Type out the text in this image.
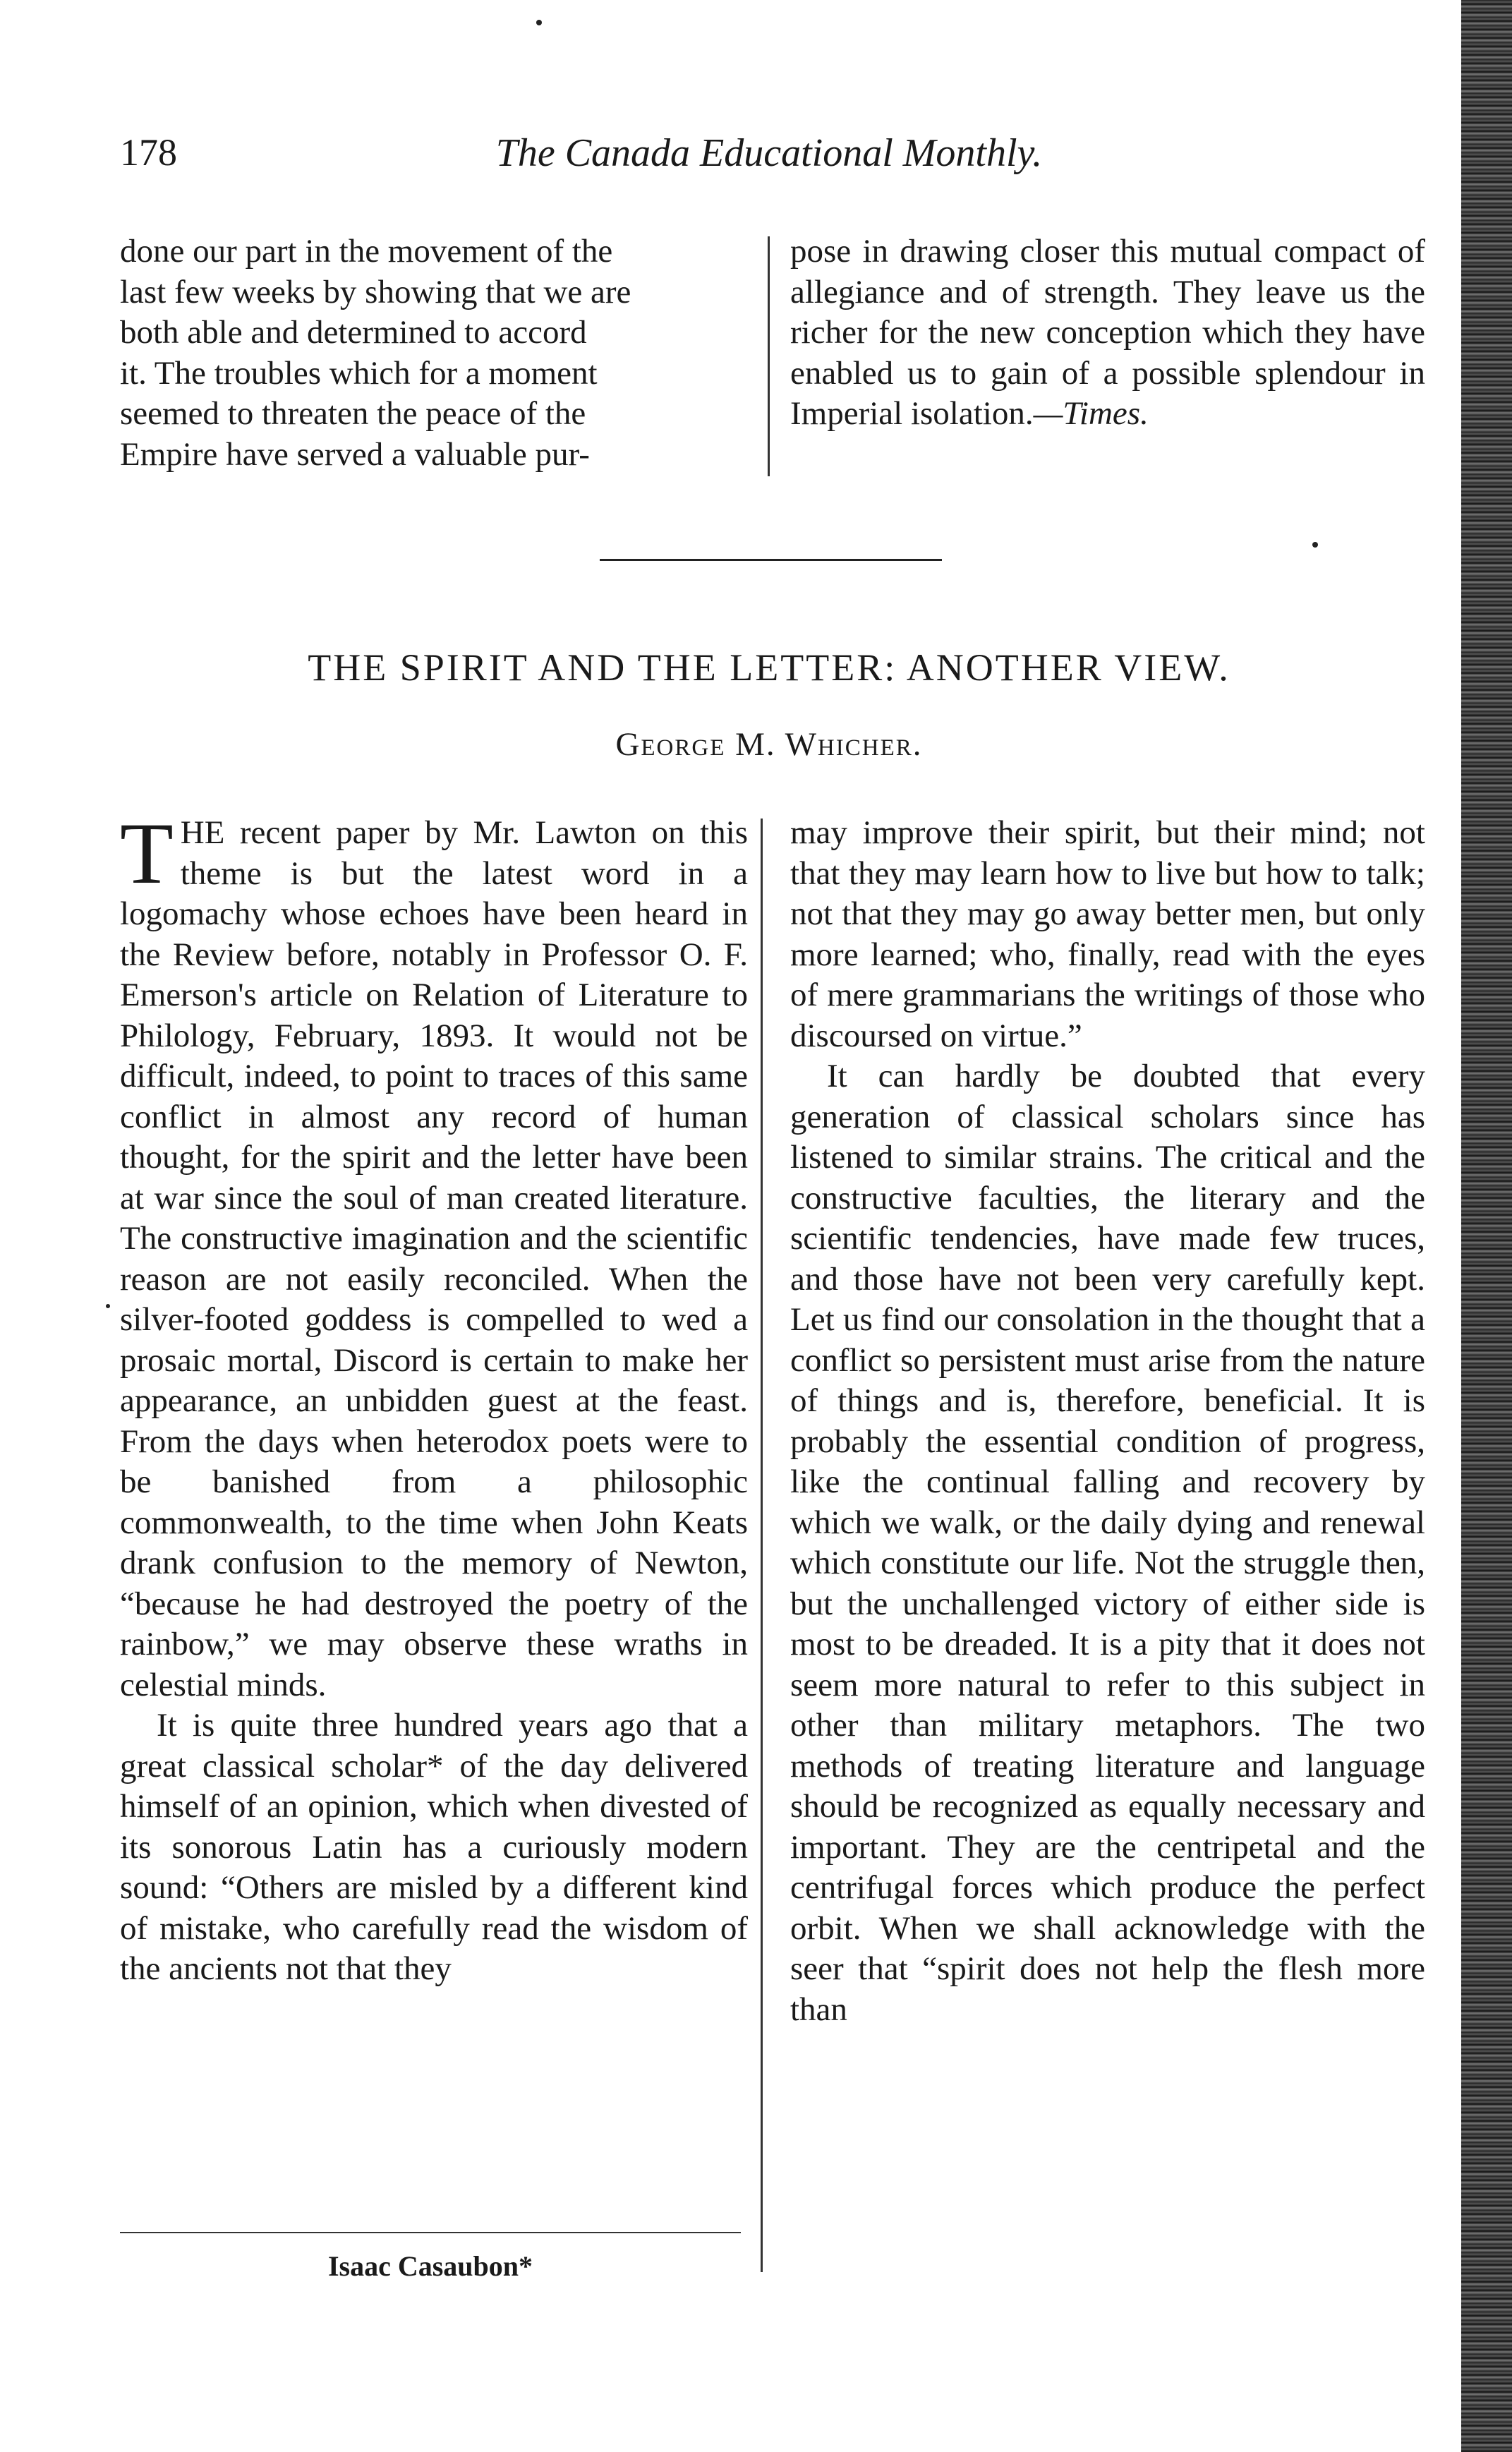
178	The Canada Educational Monthly.
done our part in the movement of the
last few weeks by showing that we are
both able and determined to accord
it. The troubles which for a moment
seemed to threaten the peace of the
Empire have served a valuable pur-

pose in drawing closer this mutual compact of allegiance and of strength. They leave us the richer for the new conception which they have enabled us to gain of a possible splendour in Imperial isolation.—Times.

THE SPIRIT AND THE LETTER: ANOTHER VIEW.
George M. Whicher.

THE recent paper by Mr. Lawton on this theme is but the latest word in a logomachy whose echoes have been heard in the Review before, notably in Professor O. F. Emerson's article on Relation of Literature to Philology, February, 1893. It would not be difficult, indeed, to point to traces of this same conflict in almost any record of human thought, for the spirit and the letter have been at war since the soul of man created literature. The constructive imagination and the scientific reason are not easily reconciled. When the silver-footed goddess is compelled to wed a prosaic mortal, Discord is certain to make her appearance, an unbidden guest at the feast. From the days when heterodox poets were to be banished from a philosophic commonwealth, to the time when John Keats drank confusion to the memory of Newton, “because he had destroyed the poetry of the rainbow,” we may observe these wraths in celestial minds.

It is quite three hundred years ago that a great classical scholar* of the day delivered himself of an opinion, which when divested of its sonorous Latin has a curiously modern sound: “Others are misled by a different kind of mistake, who carefully read the wisdom of the ancients not that they

may improve their spirit, but their mind; not that they may learn how to live but how to talk; not that they may go away better men, but only more learned; who, finally, read with the eyes of mere grammarians the writings of those who discoursed on virtue.”

It can hardly be doubted that every generation of classical scholars since has listened to similar strains. The critical and the constructive faculties, the literary and the scientific tendencies, have made few truces, and those have not been very carefully kept. Let us find our consolation in the thought that a conflict so persistent must arise from the nature of things and is, therefore, beneficial. It is probably the essential condition of progress, like the continual falling and recovery by which we walk, or the daily dying and renewal which constitute our life. Not the struggle then, but the unchallenged victory of either side is most to be dreaded. It is a pity that it does not seem more natural to refer to this subject in other than military metaphors. The two methods of treating literature and language should be recognized as equally necessary and important. They are the centripetal and the centrifugal forces which produce the perfect orbit. When we shall acknowledge with the seer that “spirit does not help the flesh more than

Isaac Casaubon*
